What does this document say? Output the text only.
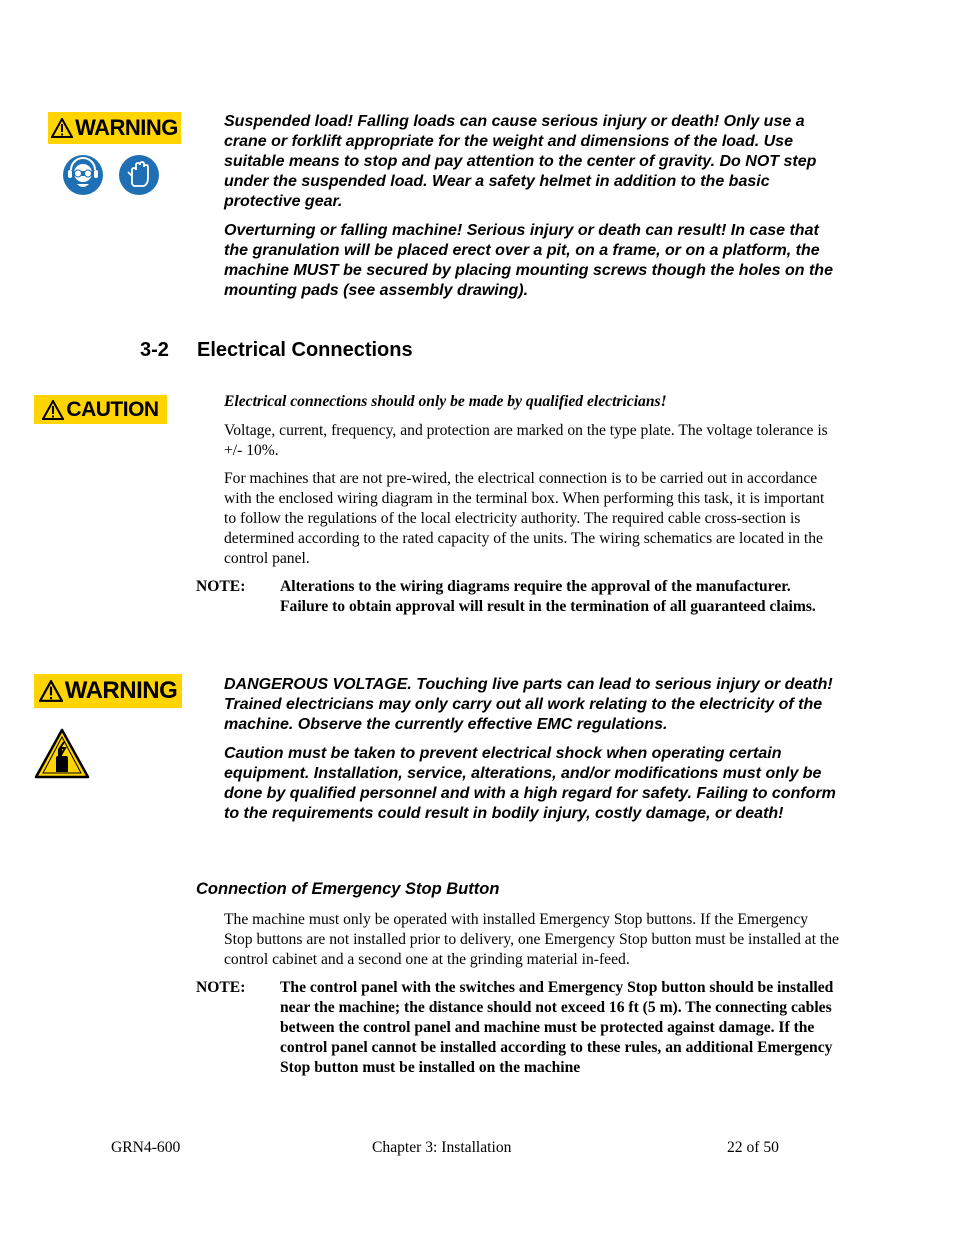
WARNING	Suspended load! Falling loads can cause serious injury or death! Only use a crane or forklift appropriate for the weight and dimensions of the load. Use suitable means to stop and pay attention to the center of gravity. Do NOT step under the suspended load. Wear a safety helmet in addition to the basic protective gear.

Overturning or falling machine! Serious injury or death can result! In case that the granulation will be placed erect over a pit, on a frame, or on a platform, the machine MUST be secured by placing mounting screws though the holes on the mounting pads (see assembly drawing).

3-2 Electrical Connections
CAUTION	Electrical connections should only be made by qualified electricians!

Voltage, current, frequency, and protection are marked on the type plate. The voltage tolerance is +/- 10%.

For machines that are not pre-wired, the electrical connection is to be carried out in accordance with the enclosed wiring diagram in the terminal box. When performing this task, it is important to follow the regulations of the local electricity authority. The required cable cross-section is determined according to the rated capacity of the units. The wiring schematics are located in the control panel.

NOTE: Alterations to the wiring diagrams require the approval of the manufacturer. Failure to obtain approval will result in the termination of all guaranteed claims.

WARNING	DANGEROUS VOLTAGE. Touching live parts can lead to serious injury or death! Trained electricians may only carry out all work relating to the electricity of the machine. Observe the currently effective EMC regulations.

Caution must be taken to prevent electrical shock when operating certain equipment. Installation, service, alterations, and/or modifications must only be done by qualified personnel and with a high regard for safety. Failing to conform to the requirements could result in bodily injury, costly damage, or death!

Connection of Emergency Stop Button

The machine must only be operated with installed Emergency Stop buttons. If the Emergency Stop buttons are not installed prior to delivery, one Emergency Stop button must be installed at the control cabinet and a second one at the grinding material in-feed.

NOTE: The control panel with the switches and Emergency Stop button should be installed near the machine; the distance should not exceed 16 ft (5 m). The connecting cables between the control panel and machine must be protected against damage. If the control panel cannot be installed according to these rules, an additional Emergency Stop button must be installed on the machine

GRN4-600	Chapter 3: Installation	22 of 50
